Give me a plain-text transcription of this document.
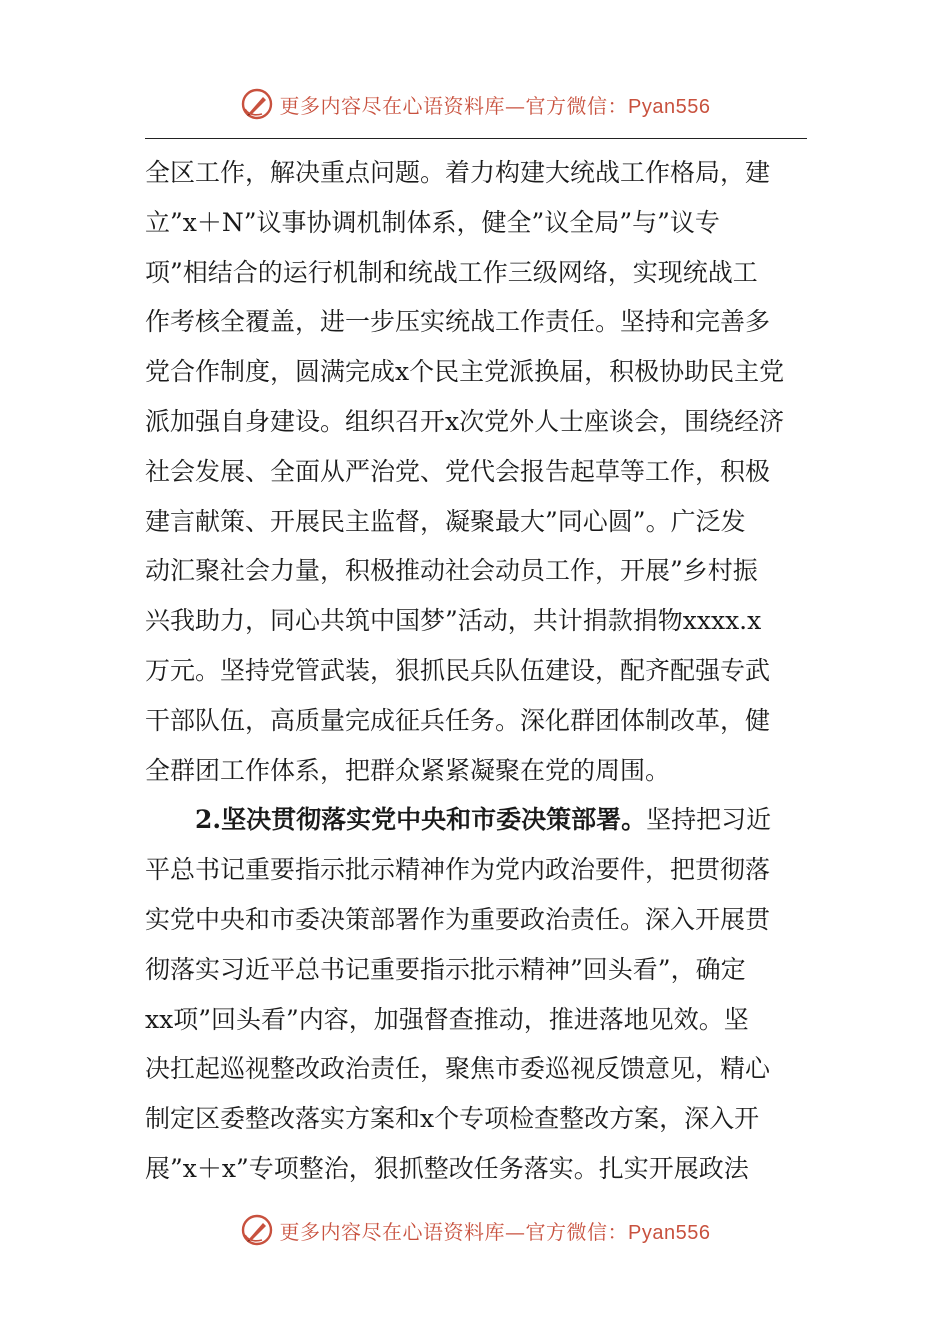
更多内容尽在心语资料库—官方微信：Pyan556
全区工作，解决重点问题。着力构建大统战工作格局，建
立”x＋N”议事协调机制体系，健全”议全局”与”议专
项”相结合的运行机制和统战工作三级网络，实现统战工
作考核全覆盖，进一步压实统战工作责任。坚持和完善多
党合作制度，圆满完成x个民主党派换届，积极协助民主党
派加强自身建设。组织召开x次党外人士座谈会，围绕经济
社会发展、全面从严治党、党代会报告起草等工作，积极
建言献策、开展民主监督，凝聚最大”同心圆”。广泛发
动汇聚社会力量，积极推动社会动员工作，开展”乡村振
兴我助力，同心共筑中国梦”活动，共计捐款捐物xxxx.x
万元。坚持党管武装，狠抓民兵队伍建设，配齐配强专武
干部队伍，高质量完成征兵任务。深化群团体制改革，健
全群团工作体系，把群众紧紧凝聚在党的周围。
2.坚决贯彻落实党中央和市委决策部署。坚持把习近
平总书记重要指示批示精神作为党内政治要件，把贯彻落
实党中央和市委决策部署作为重要政治责任。深入开展贯
彻落实习近平总书记重要指示批示精神”回头看”，确定
xx项”回头看”内容，加强督查推动，推进落地见效。坚
决扛起巡视整改政治责任，聚焦市委巡视反馈意见，精心
制定区委整改落实方案和x个专项检查整改方案，深入开
展”x＋x”专项整治，狠抓整改任务落实。扎实开展政法
更多内容尽在心语资料库—官方微信：Pyan556
